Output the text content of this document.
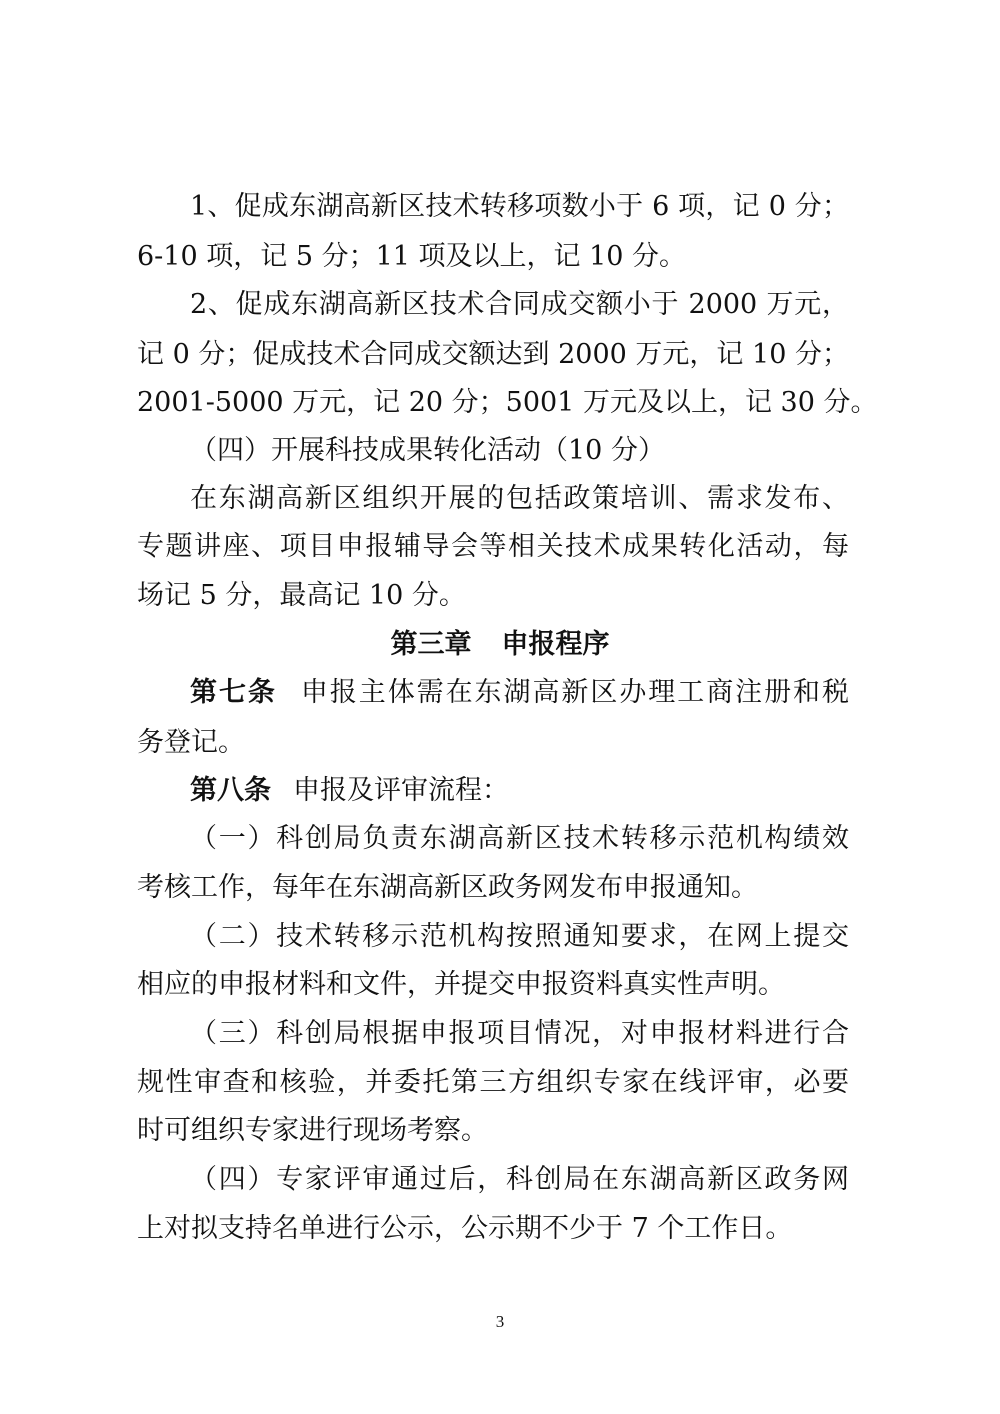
1、促成东湖高新区技术转移项数小于 6 项，记 0 分；
6-10 项，记 5 分；11 项及以上，记 10 分。
2、促成东湖高新区技术合同成交额小于 2000 万元，
记 0 分；促成技术合同成交额达到 2000 万元，记 10 分；
2001-5000 万元，记 20 分；5001 万元及以上，记 30 分。
（四）开展科技成果转化活动（10 分）
在东湖高新区组织开展的包括政策培训、需求发布、
专题讲座、项目申报辅导会等相关技术成果转化活动，每
场记 5 分，最高记 10 分。
第三章 申报程序
第七条 申报主体需在东湖高新区办理工商注册和税
务登记。
第八条 申报及评审流程：
（一）科创局负责东湖高新区技术转移示范机构绩效
考核工作，每年在东湖高新区政务网发布申报通知。
（二）技术转移示范机构按照通知要求，在网上提交
相应的申报材料和文件，并提交申报资料真实性声明。
（三）科创局根据申报项目情况，对申报材料进行合
规性审查和核验，并委托第三方组织专家在线评审，必要
时可组织专家进行现场考察。
（四）专家评审通过后，科创局在东湖高新区政务网
上对拟支持名单进行公示，公示期不少于 7 个工作日。
3
